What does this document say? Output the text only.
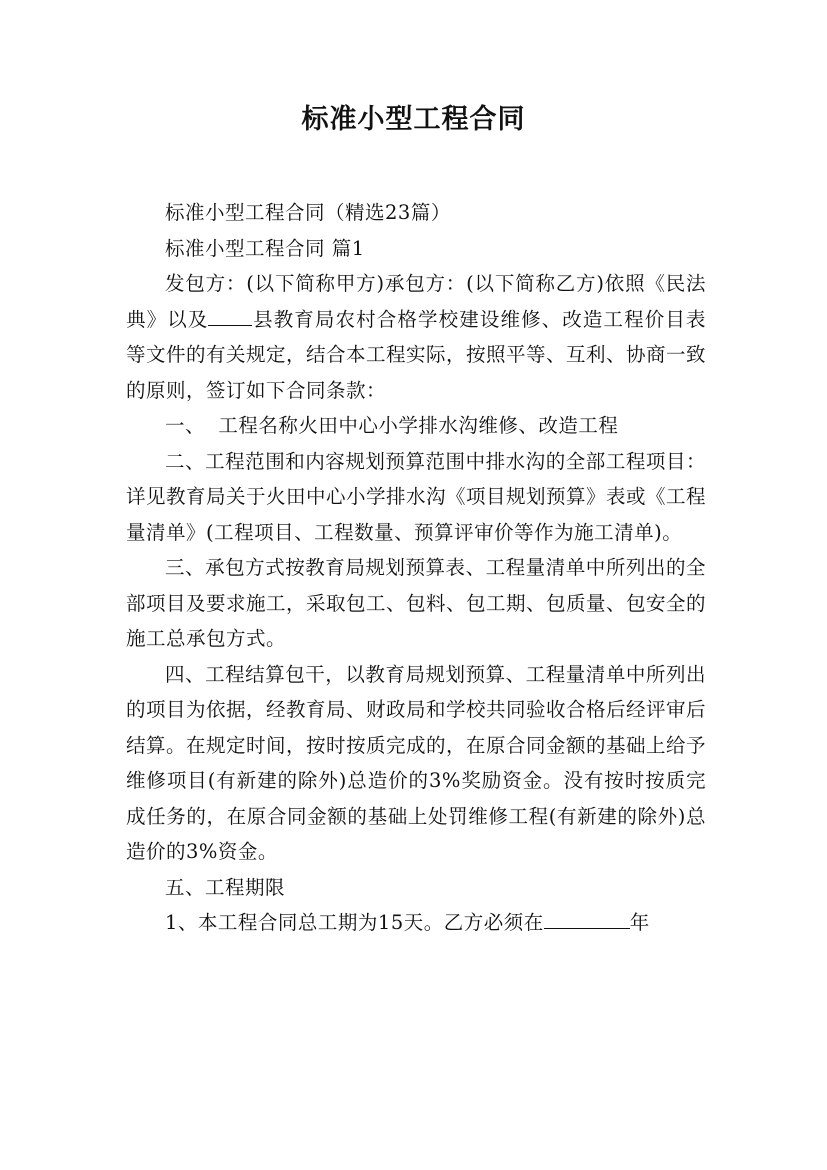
标准小型工程合同

标准小型工程合同（精选23篇）

标准小型工程合同 篇1

发包方：(以下简称甲方)承包方：(以下简称乙方)依照《民法典》以及 县教育局农村合格学校建设维修、改造工程价目表等文件的有关规定，结合本工程实际，按照平等、互利、协商一致的原则，签订如下合同条款：

一、  工程名称火田中心小学排水沟维修、改造工程

二、工程范围和内容规划预算范围中排水沟的全部工程项目：详见教育局关于火田中心小学排水沟《项目规划预算》表或《工程量清单》(工程项目、工程数量、预算评审价等作为施工清单)。

三、承包方式按教育局规划预算表、工程量清单中所列出的全部项目及要求施工，采取包工、包料、包工期、包质量、包安全的施工总承包方式。

四、工程结算包干，以教育局规划预算、工程量清单中所列出的项目为依据，经教育局、财政局和学校共同验收合格后经评审后结算。在规定时间，按时按质完成的，在原合同金额的基础上给予维修项目(有新建的除外)总造价的3%奖励资金。没有按时按质完成任务的，在原合同金额的基础上处罚维修工程(有新建的除外)总造价的3%资金。

五、工程期限

1、本工程合同总工期为15天。乙方必须在	年
